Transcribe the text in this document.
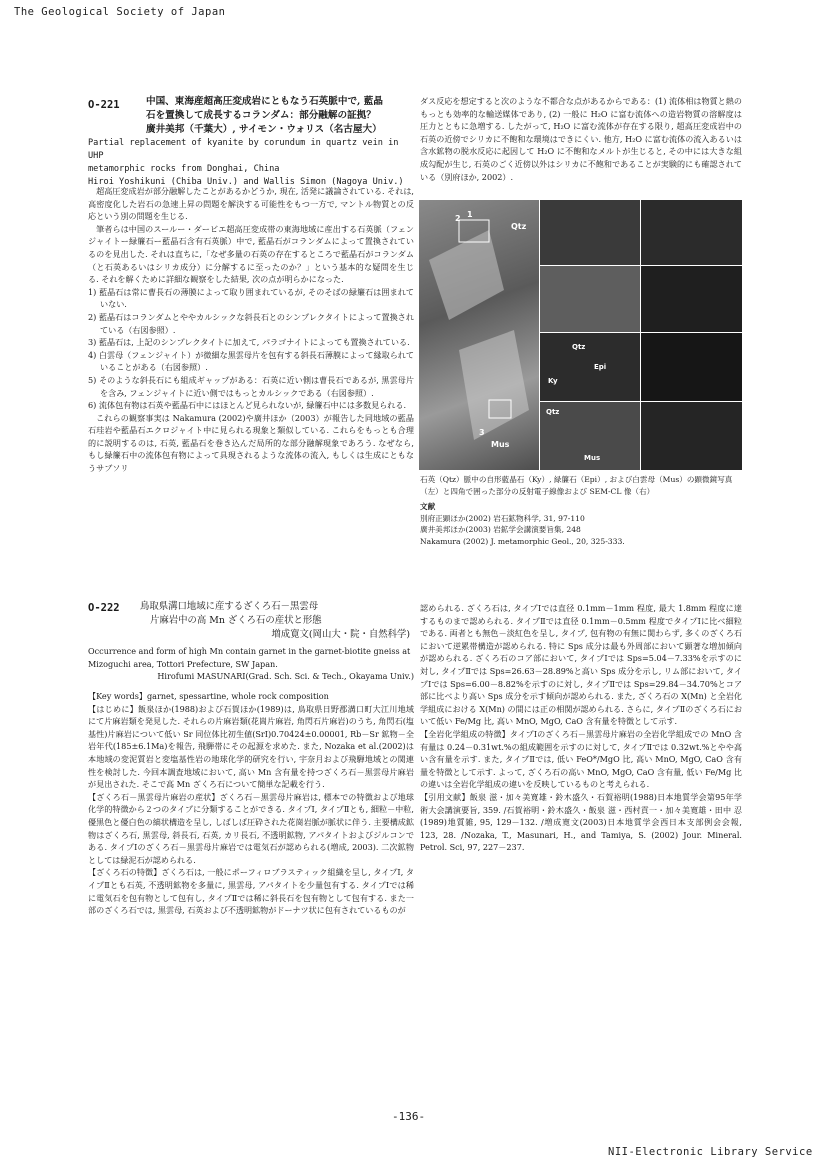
The Geological Society of Japan
O-221	中国、東海産超高圧変成岩にともなう石英脈中で, 藍晶
石を置換して成長するコランダム：部分融解の証拠？
廣井美邦（千葉大）, サイモン・ウォリス（名古屋大）
Partial replacement of kyanite by corundum in quartz vein in UHP
metamorphic rocks from Donghai, China
Hiroi Yoshikuni (Chiba Univ.) and Wallis Simon (Nagoya Univ.)

超高圧変成岩が部分融解したことがあるかどうか, 現在, 活発に議論されている. それは, 高密度化した岩石の急速上昇の問題を解決する可能性をもつ一方で, マントル物質との反応という別の問題を生じる.

筆者らは中国のスールー・ダービエ超高圧変成帯の東海地域に産出する石英脈（フェンジャイトー緑簾石ー藍晶石含有石英脈）中で, 藍晶石がコランダムによって置換されているのを見出した. それは直ちに,「なぜ多量の石英の存在するところで藍晶石がコランダム（と石英あるいはシリカ成分）に分解するに至ったのか？」という基本的な疑問を生じる. それを解くために詳細な観察をした結果, 次の点が明らかになった.

1) 藍晶石は常に曹長石の薄膜によって取り囲まれているが, そのそばの緑簾石は囲まれていない.

2) 藍晶石はコランダムとややカルシックな斜長石とのシンプレクタイトによって置換されている（右図参照）.

3) 藍晶石は, 上記のシンプレクタイトに加えて, パラゴナイトによっても置換されている.

4) 白雲母（フェンジャイト）が微細な黒雲母片を包有する斜長石薄膜によって縁取られていることがある（右図参照）.

5) そのような斜長石にも組成ギャップがある：石英に近い側は曹長石であるが, 黒雲母片を含み, フェンジャイトに近い側ではもっとカルシックである（右図参照）.

6) 流体包有物は石英や藍晶石中にはほとんど見られないが, 緑簾石中には多数見られる.

これらの観察事実は Nakamura (2002)や廣井ほか（2003）が報告した同地域の藍晶石珪岩や藍晶石エクロジャイト中に見られる現象と類似している. これらをもっとも合理的に説明するのは, 石英, 藍晶石を巻き込んだ局所的な部分融解現象であろう. なぜなら, もし緑簾石中の流体包有物によって具現されるような流体の流入, もしくは生成にともなうサブソリ

ダス反応を想定すると次のような不都合な点があるからである：(1) 流体相は物質と熱のもっとも効率的な輸送媒体であり, (2) 一般に H₂O に富む流体への造岩物質の溶解度は圧力とともに急増する. したがって, H₂O に富む流体が存在する限り, 超高圧変成岩中の石英の近傍でシリカに不飽和な環境はできにくい. 他方, H₂O に富む流体の流入あるいは含水鉱物の脱水反応に起因して H₂O に不飽和なメルトが生じると, その中には大きな組成勾配が生じ, 石英のごく近傍以外はシリカに不飽和であることが実験的にも確認されている（別府ほか, 2002）.
Qtz
1
2
3
Mus
Qtz
Ky
Epi
Qtz
Mus
石英（Qtz）脈中の自形藍晶石（Ky）, 緑簾石（Epi）, および白雲母（Mus）の顕微鏡写真（左）と四角で囲った部分の反射電子線像および SEM-CL 像（右）
文献
別府正顕ほか(2002) 岩石鉱物科学, 31, 97-110
廣井美邦ほか(2003) 岩鉱学会講演要旨集, 248
Nakamura (2002) J. metamorphic Geol., 20, 325-333.
O-222 鳥取県溝口地域に産するざくろ石－黒雲母
片麻岩中の高 Mn ざくろ石の産状と形態
増成寛文(岡山大・院・自然科学)
Occurrence and form of high Mn contain garnet in the garnet-biotite gneiss at
Mizoguchi area, Tottori Prefecture, SW Japan.
Hirofumi MASUNARI(Grad. Sch. Sci. & Tech., Okayama Univ.)

【Key words】garnet, spessartine, whole rock composition

【はじめに】飯泉ほか(1988)および石賀ほか(1989)は, 鳥取県日野郡溝口町大江川地域にて片麻岩類を発見した. それらの片麻岩類(花崗片麻岩, 角閃石片麻岩)のうち, 角閃石(塩基性)片麻岩について低い Sr 同位体比初生値(SrI)0.70424±0.00001, Rb－Sr 鉱物－全岩年代(185±6.1Ma)を報告, 飛騨帯にその起源を求めた. また, Nozaka et al.(2002)は本地域の変泥質岩と変塩基性岩の地球化学的研究を行い, 宇奈月および飛騨地域との関連性を検討した. 今回本調査地域において, 高い Mn 含有量を持つざくろ石－黒雲母片麻岩が見出された. そこで高 Mn ざくろ石について簡単な記載を行う.

【ざくろ石－黒雲母片麻岩の産状】ざくろ石－黒雲母片麻岩は, 標本での特徴および地球化学的特徴から２つのタイプに分類することができる. タイプⅠ, タイプⅡとも, 細粒－中粒, 優黒色と優白色の縞状構造を呈し, しばしば圧砕された花崗岩脈が脈状に伴う. 主要構成鉱物はざくろ石, 黒雲母, 斜長石, 石英, カリ長石, 不透明鉱物, アパタイトおよびジルコンである. タイプⅠのざくろ石－黒雲母片麻岩では電気石が認められる(増成, 2003). 二次鉱物としては緑泥石が認められる.

【ざくろ石の特徴】ざくろ石は, 一般にポーフィロブラスティック組織を呈し, タイプⅠ, タイプⅡとも石英, 不透明鉱物を多量に, 黒雲母, アパタイトを少量包有する. タイプⅠでは稀に電気石を包有物として包有し, タイプⅡでは稀に斜長石を包有物として包有する. また一部のざくろ石では, 黒雲母, 石英および不透明鉱物がドーナツ状に包有されているものが

認められる. ざくろ石は, タイプⅠでは直径 0.1mm－1mm 程度, 最大 1.8mm 程度に達するものまで認められる. タイプⅡでは直径 0.1mm－0.5mm 程度でタイプⅠに比べ細粒である. 両者とも無色－淡紅色を呈し, タイプ, 包有物の有無に関わらず, 多くのざくろ石において逆累帯構造が認められる. 特に Sps 成分は最も外周部において顕著な増加傾向が認められる. ざくろ石のコア部において, タイプⅠでは Sps=5.04－7.33%を示すのに対し, タイプⅡでは Sps=26.63－28.89%と高い Sps 成分を示し, リム部において, タイプⅠでは Sps=6.00－8.82%を示すのに対し, タイプⅡでは Sps=29.84－34.70%とコア部に比べより高い Sps 成分を示す傾向が認められる. また, ざくろ石の X(Mn) と全岩化学組成における X(Mn) の間には正の相関が認められる. さらに, タイプⅡのざくろ石において低い Fe/Mg 比, 高い MnO, MgO, CaO 含有量を特徴として示す.

【全岩化学組成の特徴】タイプⅠのざくろ石－黒雲母片麻岩の全岩化学組成での MnO 含有量は 0.24－0.31wt.%の組成範囲を示すのに対して, タイプⅡでは 0.32wt.%とやや高い含有量を示す. また, タイプⅡでは, 低い FeO*/MgO 比, 高い MnO, MgO, CaO 含有量を特徴として示す. よって, ざくろ石の高い MnO, MgO, CaO 含有量, 低い Fe/Mg 比の違いは全岩化学組成の違いを反映しているものと考えられる.

【引用文献】飯泉 滋・加々美寛雄・鈴木盛久・石賀裕明(1988)日本地質学会第95年学術大会講演要旨, 359. /石賀裕明・鈴木盛久・飯泉 滋・西村貢一・加々美寛雄・田中 忍(1989)地質雑, 95, 129－132. /増成寛文(2003)日本地質学会西日本支部例会会報, 123, 28. /Nozaka, T., Masunari, H., and Tamiya, S. (2002) Jour. Mineral. Petrol. Sci, 97, 227－237.

-136-
NII-Electronic Library Service
